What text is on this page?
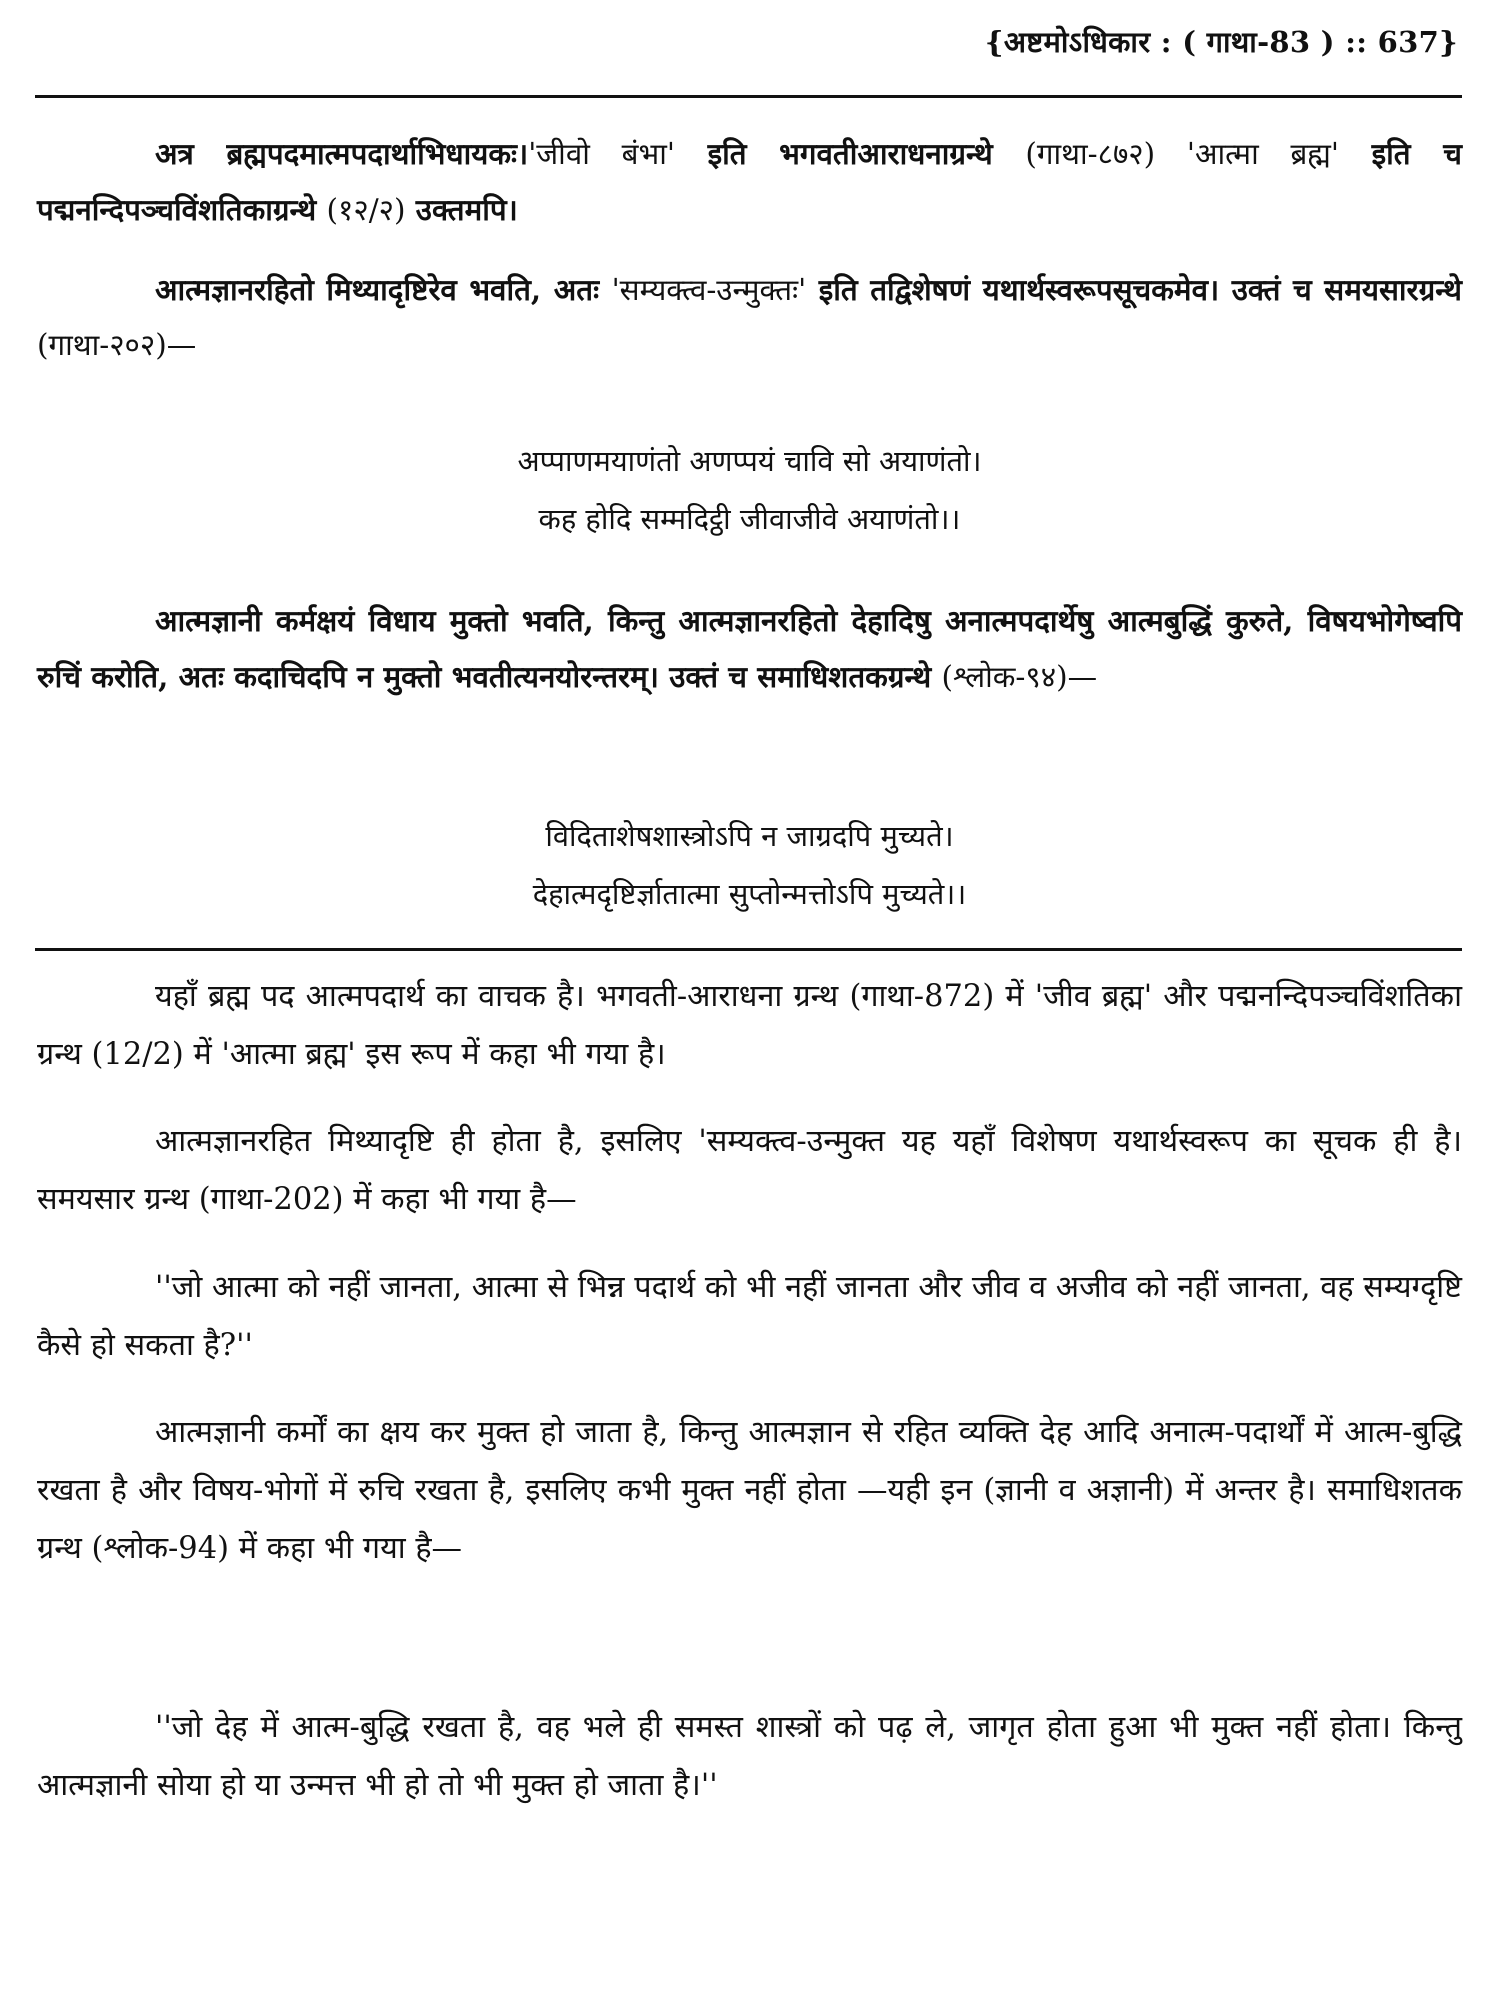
{अष्टमोऽधिकार : ( गाथा-83 ) :: 637}

अत्र ब्रह्मपदमात्मपदार्थाभिधायकः।'जीवो बंभा' इति भगवतीआराधनाग्रन्थे (गाथा-८७२) 'आत्मा ब्रह्म' इति च पद्मनन्दिपञ्चविंशतिकाग्रन्थे (१२/२) उक्तमपि।

आत्मज्ञानरहितो मिथ्यादृष्टिरेव भवति, अतः 'सम्यक्त्व-उन्मुक्तः' इति तद्विशेषणं यथार्थस्वरूपसूचकमेव। उक्तं च समयसारग्रन्थे (गाथा-२०२)—

अप्पाणमयाणंतो अणप्पयं चावि सो अयाणंतो।
कह होदि सम्मदिट्ठी जीवाजीवे अयाणंतो।।

आत्मज्ञानी कर्मक्षयं विधाय मुक्तो भवति, किन्तु आत्मज्ञानरहितो देहादिषु अनात्मपदार्थेषु आत्मबुद्धिं कुरुते, विषयभोगेष्वपि रुचिं करोति, अतः कदाचिदपि न मुक्तो भवतीत्यनयोरन्तरम्। उक्तं च समाधिशतकग्रन्थे (श्लोक-९४)—

विदिताशेषशास्त्रोऽपि न जाग्रदपि मुच्यते।
देहात्मदृष्टिर्ज्ञातात्मा सुप्तोन्मत्तोऽपि मुच्यते।।

यहाँ ब्रह्म पद आत्मपदार्थ का वाचक है। भगवती-आराधना ग्रन्थ (गाथा-872) में 'जीव ब्रह्म' और पद्मनन्दिपञ्चविंशतिका ग्रन्थ (12/2) में 'आत्मा ब्रह्म' इस रूप में कहा भी गया है।

आत्मज्ञानरहित मिथ्यादृष्टि ही होता है, इसलिए 'सम्यक्त्व-उन्मुक्त यह यहाँ विशेषण यथार्थस्वरूप का सूचक ही है। समयसार ग्रन्थ (गाथा-202) में कहा भी गया है—

''जो आत्मा को नहीं जानता, आत्मा से भिन्न पदार्थ को भी नहीं जानता और जीव व अजीव को नहीं जानता, वह सम्यग्दृष्टि कैसे हो सकता है?''

आत्मज्ञानी कर्मों का क्षय कर मुक्त हो जाता है, किन्तु आत्मज्ञान से रहित व्यक्ति देह आदि अनात्म-पदार्थों में आत्म-बुद्धि रखता है और विषय-भोगों में रुचि रखता है, इसलिए कभी मुक्त नहीं होता —यही इन (ज्ञानी व अज्ञानी) में अन्तर है। समाधिशतक ग्रन्थ (श्लोक-94) में कहा भी गया है—

''जो देह में आत्म-बुद्धि रखता है, वह भले ही समस्त शास्त्रों को पढ़ ले, जागृत होता हुआ भी मुक्त नहीं होता। किन्तु आत्मज्ञानी सोया हो या उन्मत्त भी हो तो भी मुक्त हो जाता है।''
